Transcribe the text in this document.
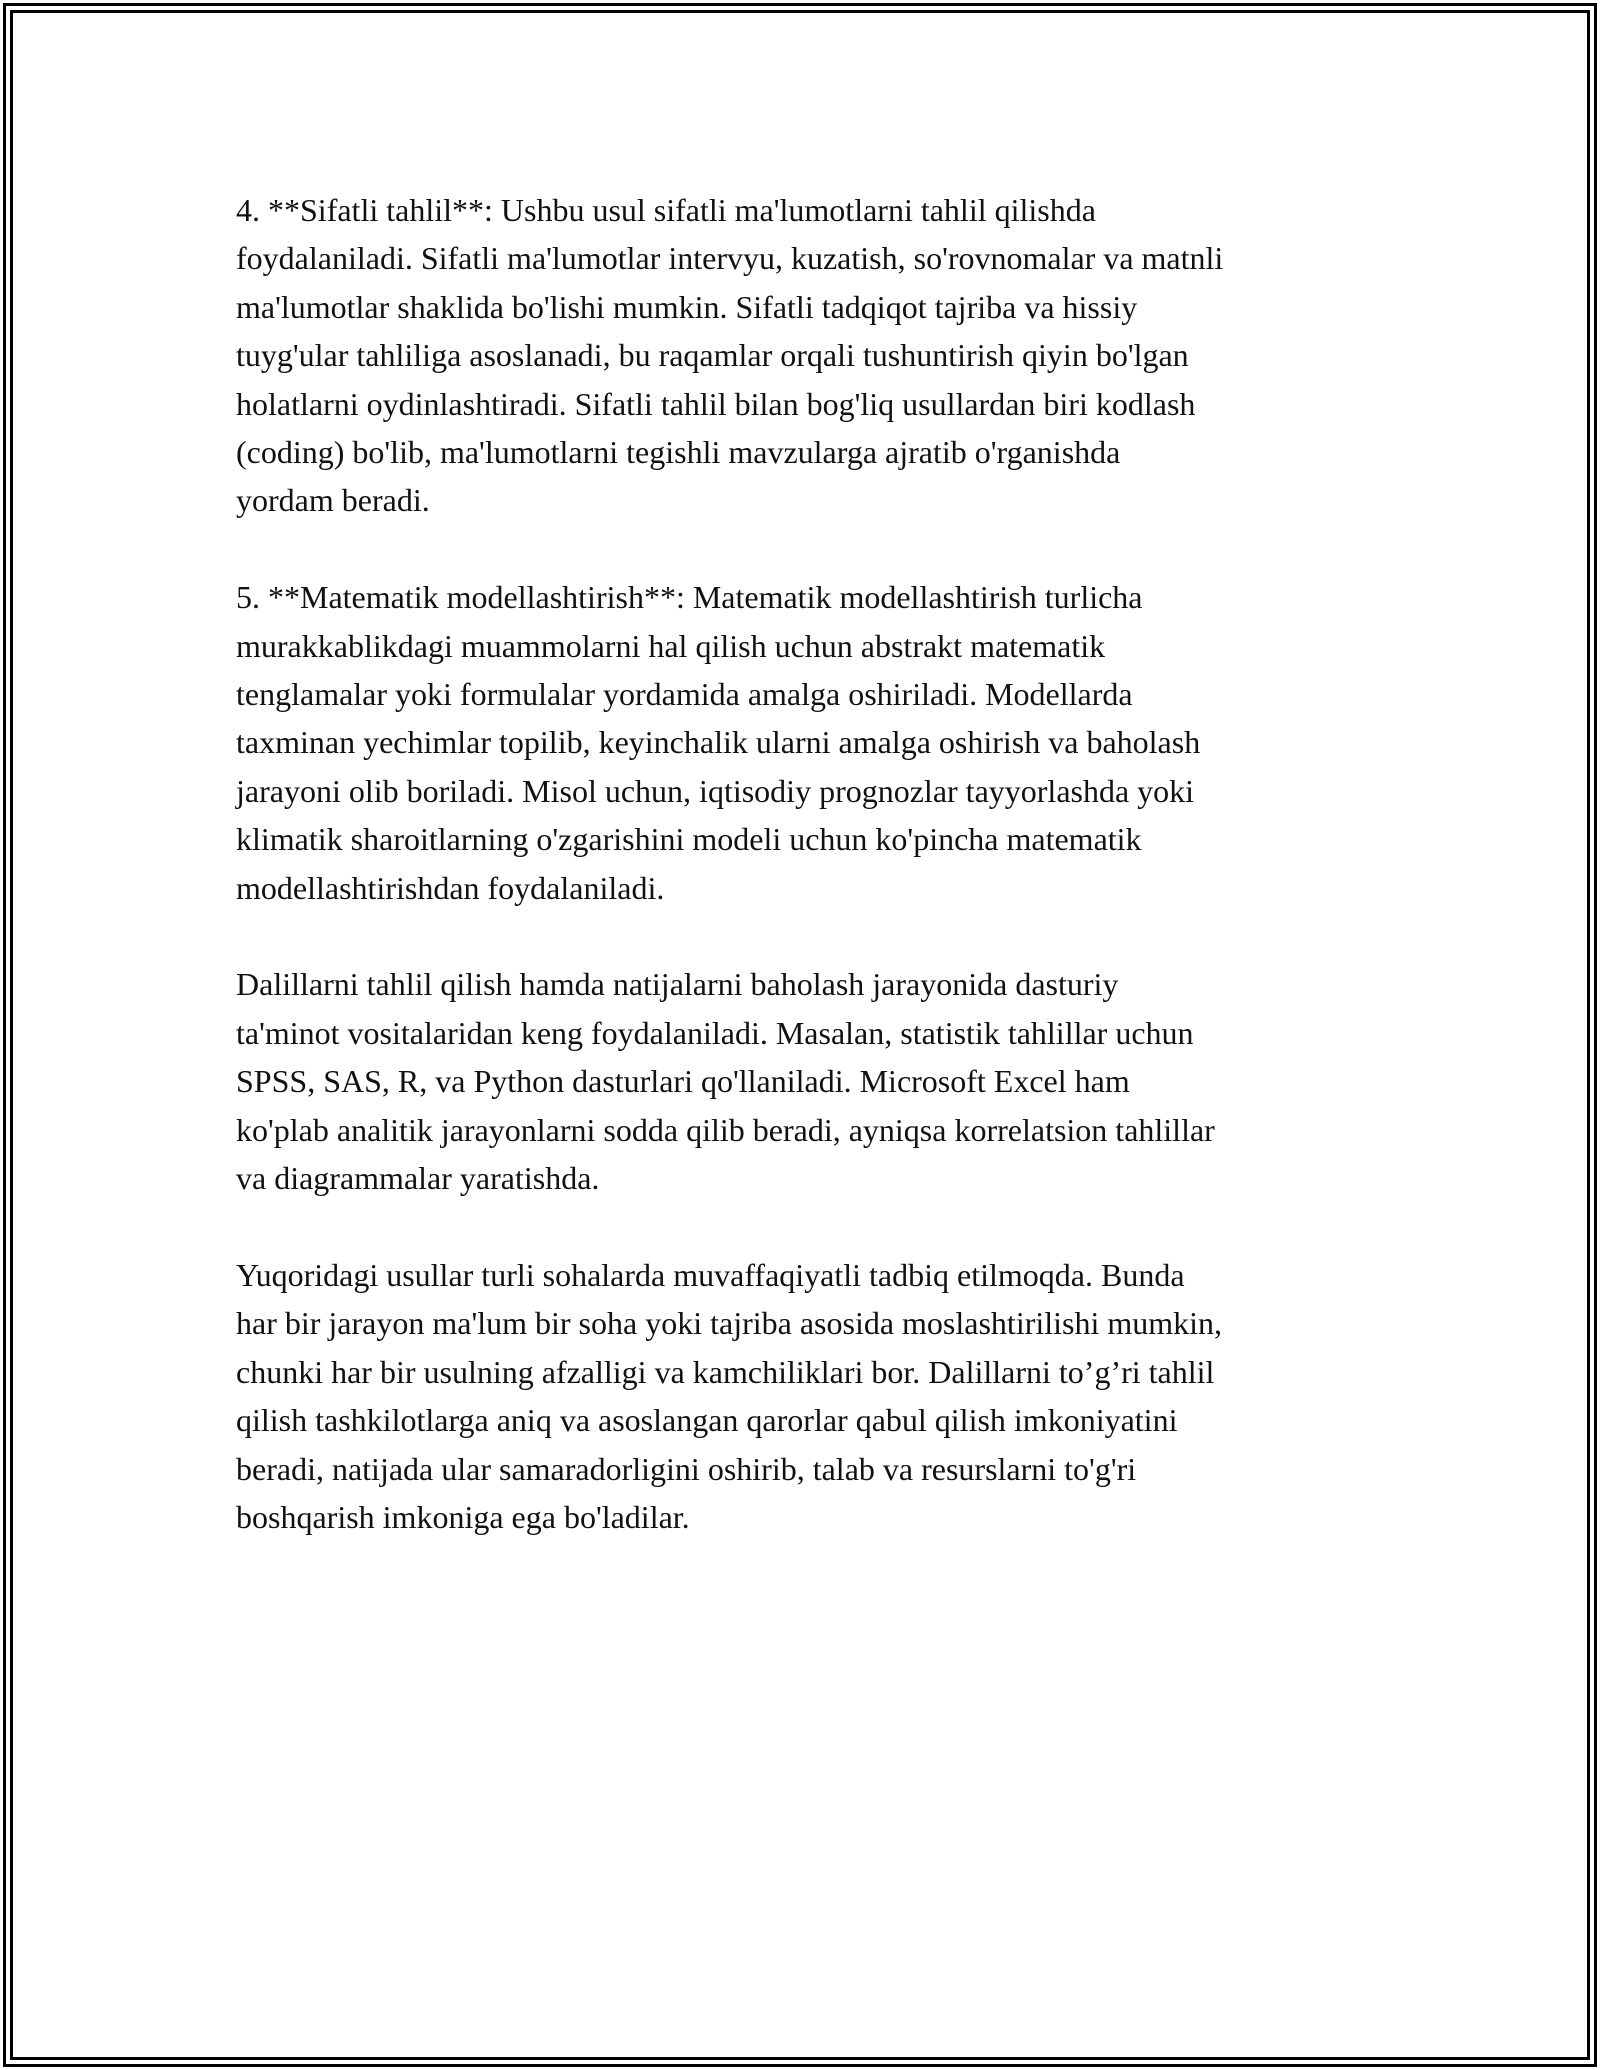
4. **Sifatli tahlil**: Ushbu usul sifatli ma'lumotlarni tahlil qilishda
foydalaniladi. Sifatli ma'lumotlar intervyu, kuzatish, so'rovnomalar va matnli
ma'lumotlar shaklida bo'lishi mumkin. Sifatli tadqiqot tajriba va hissiy
tuyg'ular tahliliga asoslanadi, bu raqamlar orqali tushuntirish qiyin bo'lgan
holatlarni oydinlashtiradi. Sifatli tahlil bilan bog'liq usullardan biri kodlash
(coding) bo'lib, ma'lumotlarni tegishli mavzularga ajratib o'rganishda
yordam beradi.

5. **Matematik modellashtirish**: Matematik modellashtirish turlicha
murakkablikdagi muammolarni hal qilish uchun abstrakt matematik
tenglamalar yoki formulalar yordamida amalga oshiriladi. Modellarda
taxminan yechimlar topilib, keyinchalik ularni amalga oshirish va baholash
jarayoni olib boriladi. Misol uchun, iqtisodiy prognozlar tayyorlashda yoki
klimatik sharoitlarning o'zgarishini modeli uchun ko'pincha matematik
modellashtirishdan foydalaniladi.

Dalillarni tahlil qilish hamda natijalarni baholash jarayonida dasturiy
ta'minot vositalaridan keng foydalaniladi. Masalan, statistik tahlillar uchun
SPSS, SAS, R, va Python dasturlari qo'llaniladi. Microsoft Excel ham
ko'plab analitik jarayonlarni sodda qilib beradi, ayniqsa korrelatsion tahlillar
va diagrammalar yaratishda.

Yuqoridagi usullar turli sohalarda muvaffaqiyatli tadbiq etilmoqda. Bunda
har bir jarayon ma'lum bir soha yoki tajriba asosida moslashtirilishi mumkin,
chunki har bir usulning afzalligi va kamchiliklari bor. Dalillarni to’g’ri tahlil
qilish tashkilotlarga aniq va asoslangan qarorlar qabul qilish imkoniyatini
beradi, natijada ular samaradorligini oshirib, talab va resurslarni to'g'ri
boshqarish imkoniga ega bo'ladilar.
